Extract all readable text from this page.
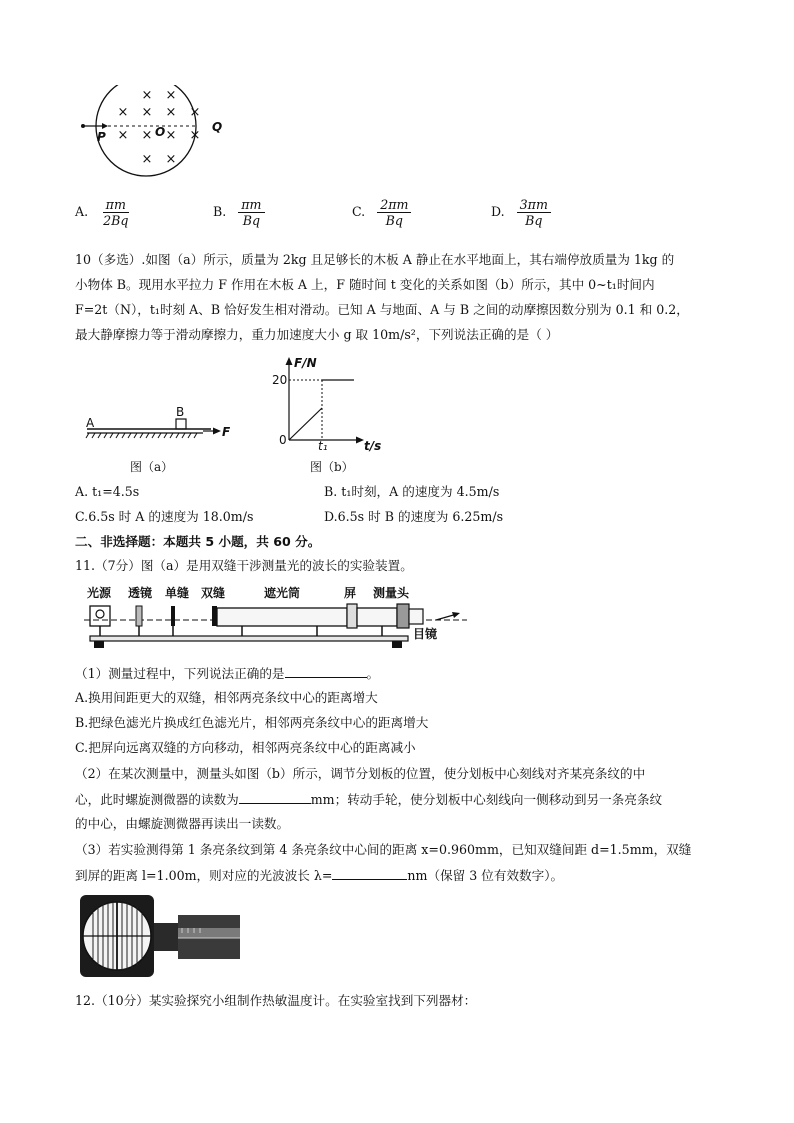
× ×
× × × ×
× × × ×
× ×
P	O	Q
A. $\frac{\pi m}{2Bq}$	B. $\frac{\pi m}{Bq}$	C. $\frac{2\pi m}{Bq}$	D. $\frac{3\pi m}{Bq}$
10（多选）.如图（a）所示，质量为 2kg 且足够长的木板 A 静止在水平地面上，其右端停放质量为 1kg 的
小物体 B。现用水平拉力 F 作用在木板 A 上，F 随时间 t 变化的关系如图（b）所示，其中 0~t₁时间内
F=2t（N），t₁时刻 A、B 恰好发生相对滑动。已知 A 与地面、A 与 B 之间的动摩擦因数分别为 0.1 和 0.2，
最大静摩擦力等于滑动摩擦力，重力加速度大小 g 取 10m/s²，下列说法正确的是（ ）
A
B
F
图（a）
F/N
20
0	t₁	t/s
图（b）
A. t₁=4.5s	B. t₁时刻，A 的速度为 4.5m/s
C.6.5s 时 A 的速度为 18.0m/s	D.6.5s 时 B 的速度为 6.25m/s
二、非选择题：本题共 5 小题，共 60 分。
11.（7分）图（a）是用双缝干涉测量光的波长的实验装置。
光源 透镜 单缝 双缝	遮光筒	屏 测量头
目镜
（1）测量过程中，下列说法正确的是	。
A.换用间距更大的双缝，相邻两亮条纹中心的距离增大
B.把绿色滤光片换成红色滤光片，相邻两亮条纹中心的距离增大
C.把屏向远离双缝的方向移动，相邻两亮条纹中心的距离减小
（2）在某次测量中，测量头如图（b）所示，调节分划板的位置，使分划板中心刻线对齐某亮条纹的中
心，此时螺旋测微器的读数为	mm；转动手轮，使分划板中心刻线向一侧移动到另一条亮条纹
的中心，由螺旋测微器再读出一读数。
（3）若实验测得第 1 条亮条纹到第 4 条亮条纹中心间的距离 x=0.960mm，已知双缝间距 d=1.5mm，双缝
到屏的距离 l=1.00m，则对应的光波波长 λ=	nm（保留 3 位有效数字）。
12.（10分）某实验探究小组制作热敏温度计。在实验室找到下列器材：
